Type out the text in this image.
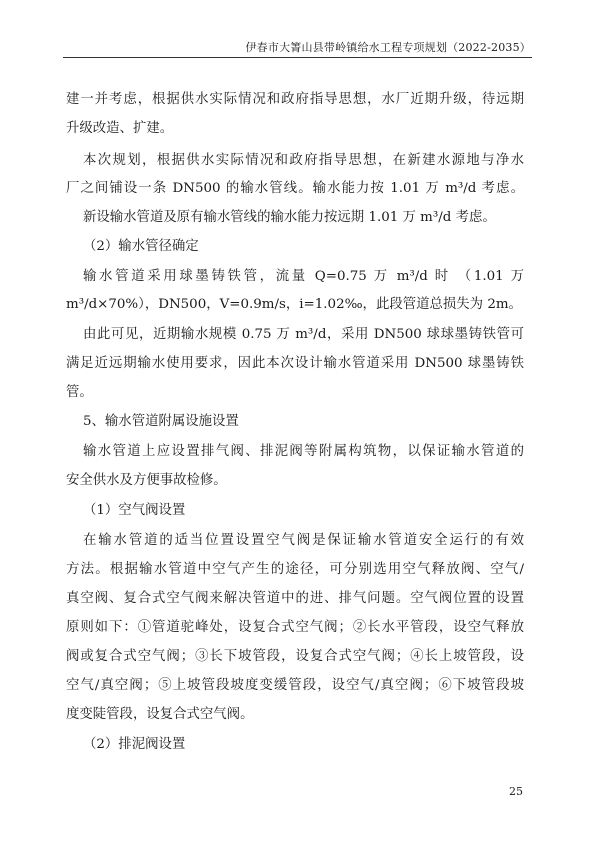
伊春市大箐山县带岭镇给水工程专项规划（2022-2035）
建一并考虑，根据供水实际情况和政府指导思想，水厂近期升级，待远期
升级改造、扩建。
本次规划，根据供水实际情况和政府指导思想，在新建水源地与净水
厂之间铺设一条 DN500 的输水管线。输水能力按 1.01 万 m³/d 考虑。
新设输水管道及原有输水管线的输水能力按远期 1.01 万 m³/d 考虑。
（2）输水管径确定
输水管道采用球墨铸铁管，流量 Q=0.75 万 m³/d 时 （1.01 万
m³/d×70%），DN500，V=0.9m/s，i=1.02‰，此段管道总损失为 2m。
由此可见，近期输水规模 0.75 万 m³/d，采用 DN500 球球墨铸铁管可
满足近远期输水使用要求，因此本次设计输水管道采用 DN500 球墨铸铁
管。
5、输水管道附属设施设置
输水管道上应设置排气阀、排泥阀等附属构筑物，以保证输水管道的
安全供水及方便事故检修。
（1）空气阀设置
在输水管道的适当位置设置空气阀是保证输水管道安全运行的有效
方法。根据输水管道中空气产生的途径，可分别选用空气释放阀、空气/
真空阀、复合式空气阀来解决管道中的进、排气问题。空气阀位置的设置
原则如下：①管道驼峰处，设复合式空气阀；②长水平管段，设空气释放
阀或复合式空气阀；③长下坡管段，设复合式空气阀；④长上坡管段，设
空气/真空阀；⑤上坡管段坡度变缓管段，设空气/真空阀；⑥下坡管段坡
度变陡管段，设复合式空气阀。
（2）排泥阀设置
25
